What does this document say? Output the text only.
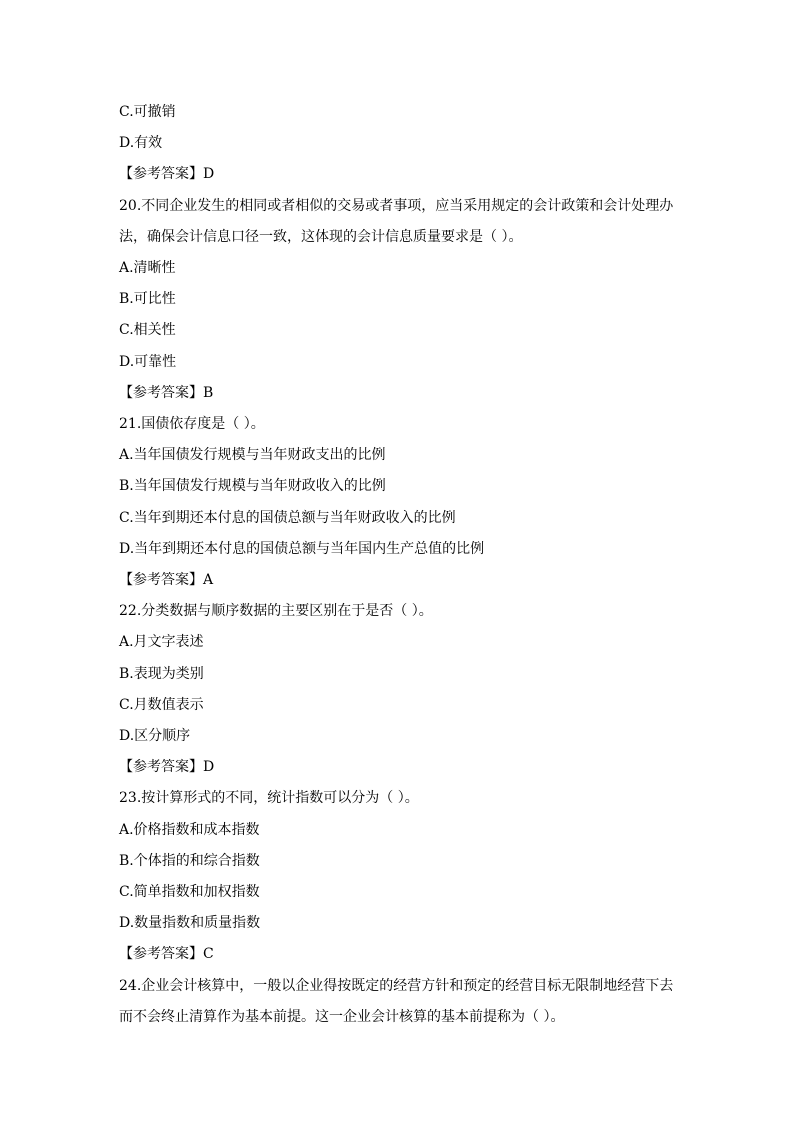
C.可撤销
D.有效
【参考答案】D
20.不同企业发生的相同或者相似的交易或者事项，应当采用规定的会计政策和会计处理办
法，确保会计信息口径一致，这体现的会计信息质量要求是（ ）。
A.清晰性
B.可比性
C.相关性
D.可靠性
【参考答案】B
21.国债依存度是（ ）。
A.当年国债发行规模与当年财政支出的比例
B.当年国债发行规模与当年财政收入的比例
C.当年到期还本付息的国债总额与当年财政收入的比例
D.当年到期还本付息的国债总额与当年国内生产总值的比例
【参考答案】A
22.分类数据与顺序数据的主要区别在于是否（ ）。
A.月文字表述
B.表现为类别
C.月数值表示
D.区分顺序
【参考答案】D
23.按计算形式的不同，统计指数可以分为（ ）。
A.价格指数和成本指数
B.个体指的和综合指数
C.简单指数和加权指数
D.数量指数和质量指数
【参考答案】C
24.企业会计核算中，一般以企业得按既定的经营方针和预定的经营目标无限制地经营下去
而不会终止清算作为基本前提。这一企业会计核算的基本前提称为（ ）。
